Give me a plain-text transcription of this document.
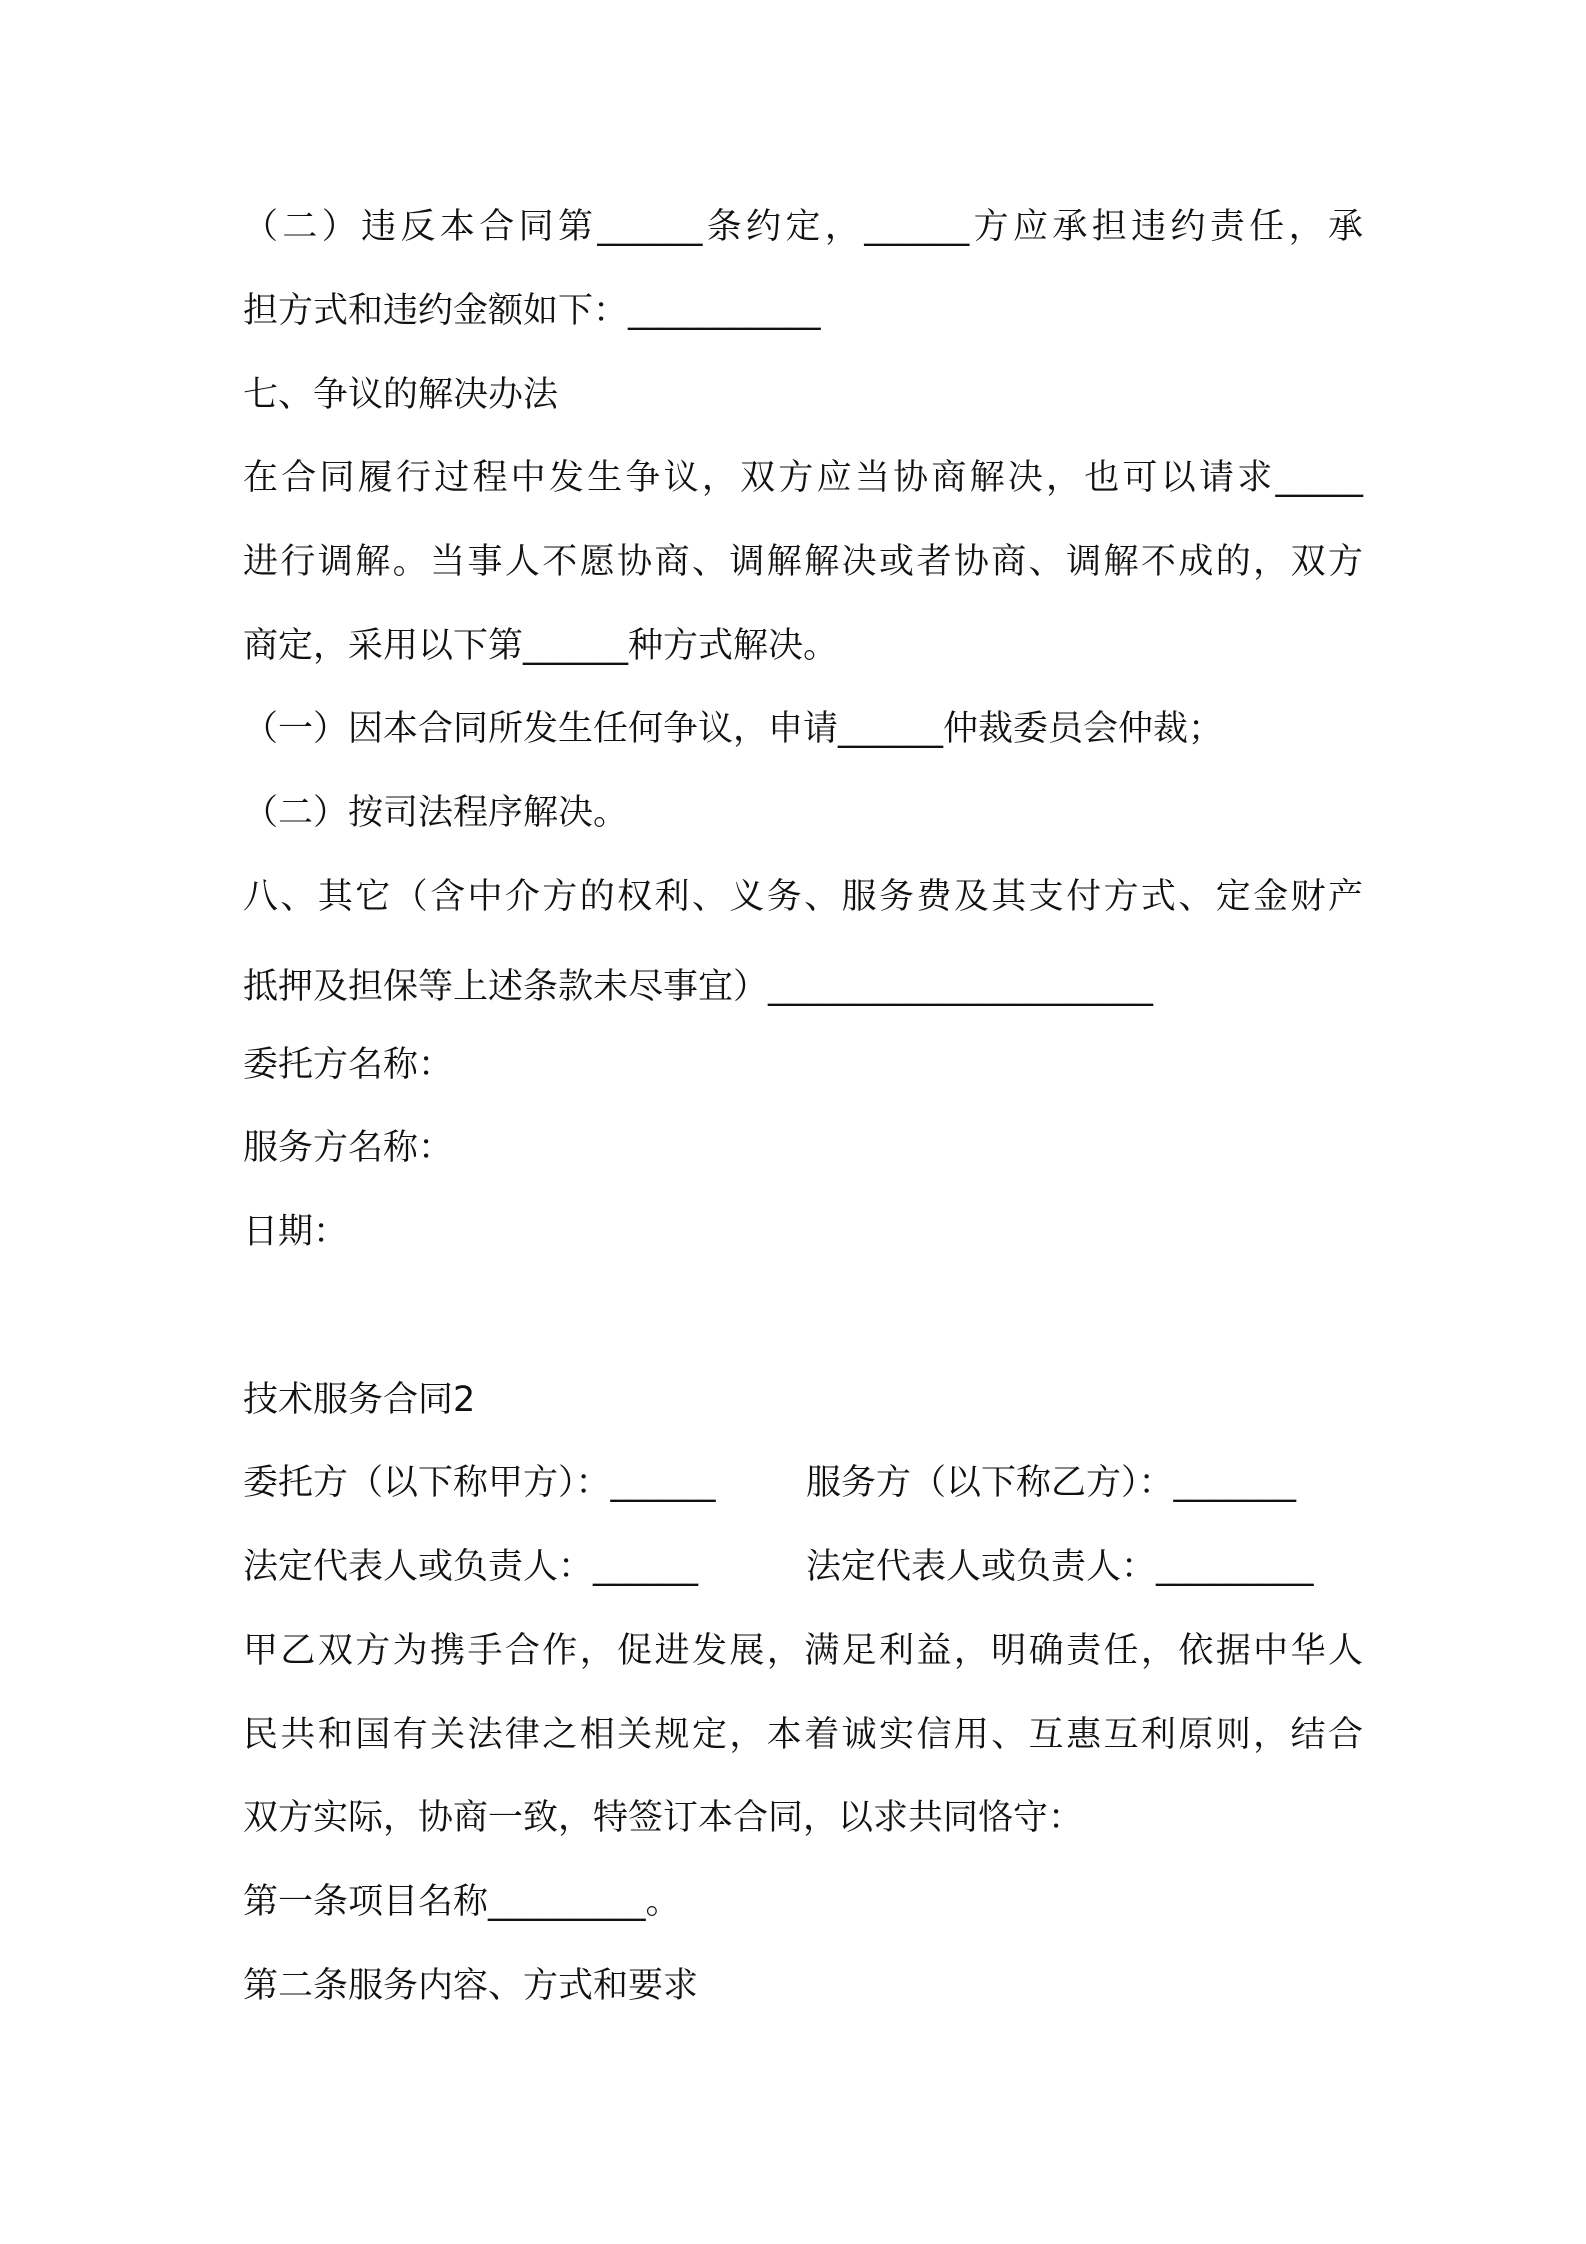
（二）违反本合同第______条约定，______方应承担违约责任，承
担方式和违约金额如下：___________
七、争议的解决办法
在合同履行过程中发生争议，双方应当协商解决，也可以请求_____
进行调解。当事人不愿协商、调解解决或者协商、调解不成的，双方
商定，采用以下第______种方式解决。
（一）因本合同所发生任何争议，申请______仲裁委员会仲裁；
（二）按司法程序解决。
八、其它（含中介方的权利、义务、服务费及其支付方式、定金财产
抵押及担保等上述条款未尽事宜）______________________
委托方名称：
服务方名称：
日期：
技术服务合同2
委托方（以下称甲方）：______	服务方（以下称乙方）：_______
法定代表人或负责人：______	法定代表人或负责人：_________
甲乙双方为携手合作，促进发展，满足利益，明确责任，依据中华人
民共和国有关法律之相关规定，本着诚实信用、互惠互利原则，结合
双方实际，协商一致，特签订本合同，以求共同恪守：
第一条项目名称_________。
第二条服务内容、方式和要求
